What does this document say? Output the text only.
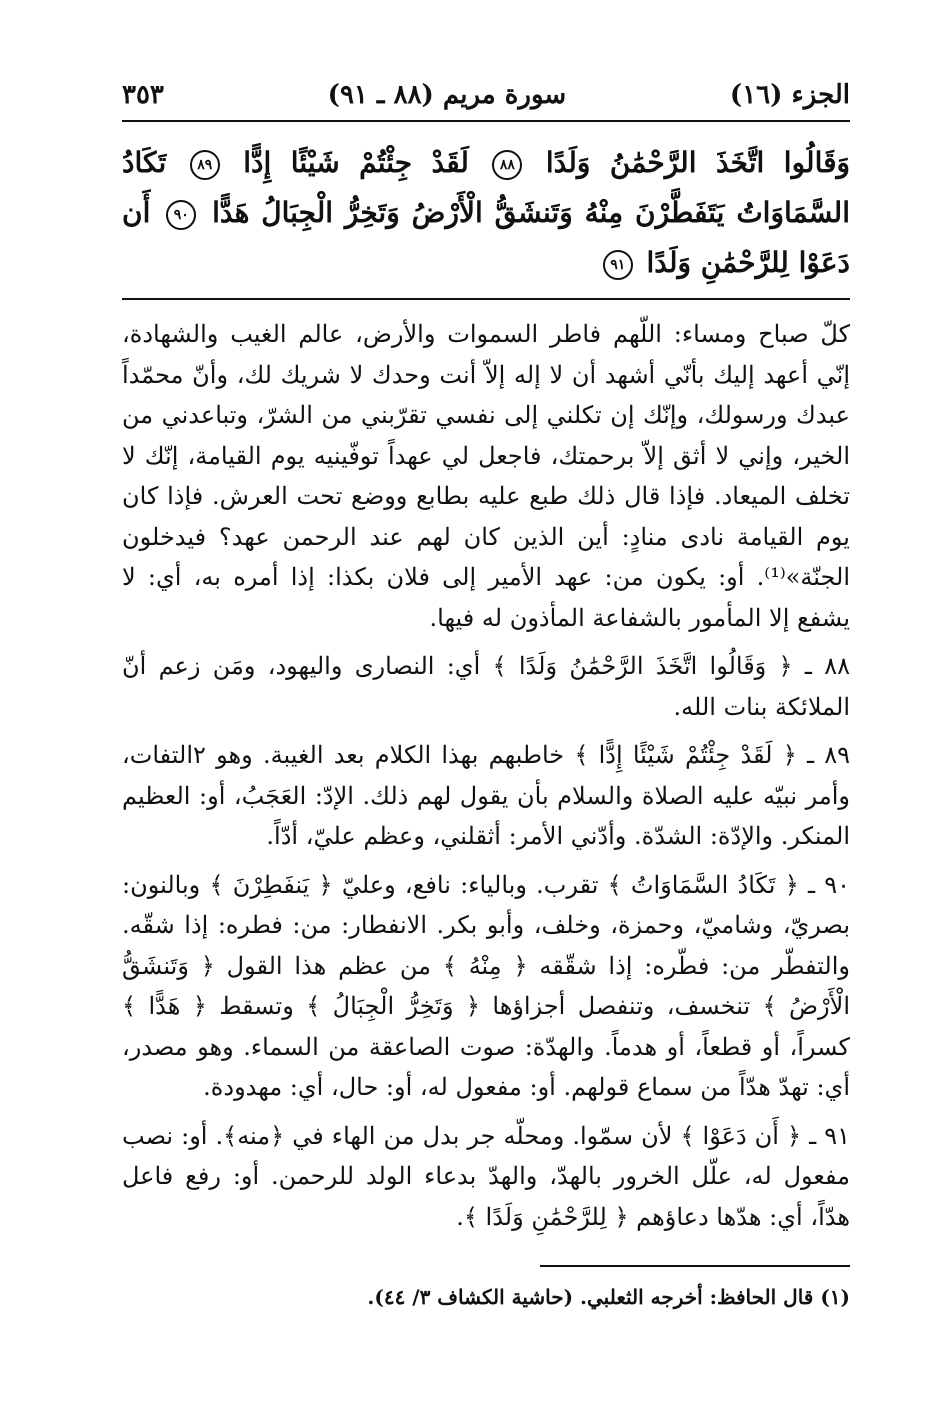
الجزء (١٦)
سورة مريم (٨٨ ـ ٩١)
٣٥٣
وَقَالُوا اتَّخَذَ الرَّحْمَٰنُ وَلَدًا ٨٨ لَقَدْ جِئْتُمْ شَيْئًا إِدًّا ٨٩ تَكَادُ السَّمَاوَاتُ يَتَفَطَّرْنَ مِنْهُ وَتَنشَقُّ الْأَرْضُ وَتَخِرُّ الْجِبَالُ هَدًّا ٩٠ أَن دَعَوْا لِلرَّحْمَٰنِ وَلَدًا ٩١

كلّ صباح ومساء: اللّهم فاطر السموات والأرض، عالم الغيب والشهادة، إنّي أعهد إليك بأنّي أشهد أن لا إله إلاّ أنت وحدك لا شريك لك، وأنّ محمّداً عبدك ورسولك، وإنّك إن تكلني إلى نفسي تقرّبني من الشرّ، وتباعدني من الخير، وإني لا أثق إلاّ برحمتك، فاجعل لي عهداً توفّينيه يوم القيامة، إنّك لا تخلف الميعاد. فإذا قال ذلك طبع عليه بطابع ووضع تحت العرش. فإذا كان يوم القيامة نادى منادٍ: أين الذين كان لهم عند الرحمن عهد؟ فيدخلون الجنّة»⁽¹⁾. أو: يكون من: عهد الأمير إلى فلان بكذا: إذا أمره به، أي: لا يشفع إلا المأمور بالشفاعة المأذون له فيها.

٨٨ ـ ﴿ وَقَالُوا اتَّخَذَ الرَّحْمَٰنُ وَلَدًا ﴾ أي: النصارى واليهود، ومَن زعم أنّ الملائكة بنات الله.

٨٩ ـ ﴿ لَقَدْ جِئْتُمْ شَيْئًا إِدًّا ﴾ خاطبهم بهذا الكلام بعد الغيبة. وهو ٢التفات، وأمر نبيّه عليه الصلاة والسلام بأن يقول لهم ذلك. الإدّ: العَجَبُ، أو: العظيم المنكر. والإدّة: الشدّة. وأدّني الأمر: أثقلني، وعظم عليّ، أدّاً.

٩٠ ـ ﴿ تَكَادُ السَّمَاوَاتُ ﴾ تقرب. وبالياء: نافع، وعليّ ﴿ يَنفَطِرْنَ ﴾ وبالنون: بصريّ، وشاميّ، وحمزة، وخلف، وأبو بكر. الانفطار: من: فطره: إذا شقّه. والتفطّر من: فطّره: إذا شقّقه ﴿ مِنْهُ ﴾ من عظم هذا القول ﴿ وَتَنشَقُّ الْأَرْضُ ﴾ تنخسف، وتنفصل أجزاؤها ﴿ وَتَخِرُّ الْجِبَالُ ﴾ وتسقط ﴿ هَدًّا ﴾ كسراً، أو قطعاً، أو هدماً. والهدّة: صوت الصاعقة من السماء. وهو مصدر، أي: تهدّ هدّاً من سماع قولهم. أو: مفعول له، أو: حال، أي: مهدودة.

٩١ ـ ﴿ أَن دَعَوْا ﴾ لأن سمّوا. ومحلّه جر بدل من الهاء في ﴿منه﴾. أو: نصب مفعول له، علّل الخرور بالهدّ، والهدّ بدعاء الولد للرحمن. أو: رفع فاعل هدّاً، أي: هدّها دعاؤهم ﴿ لِلرَّحْمَٰنِ وَلَدًا ﴾.

(١) قال الحافظ: أخرجه الثعلبي. (حاشية الكشاف ٣/ ٤٤).
